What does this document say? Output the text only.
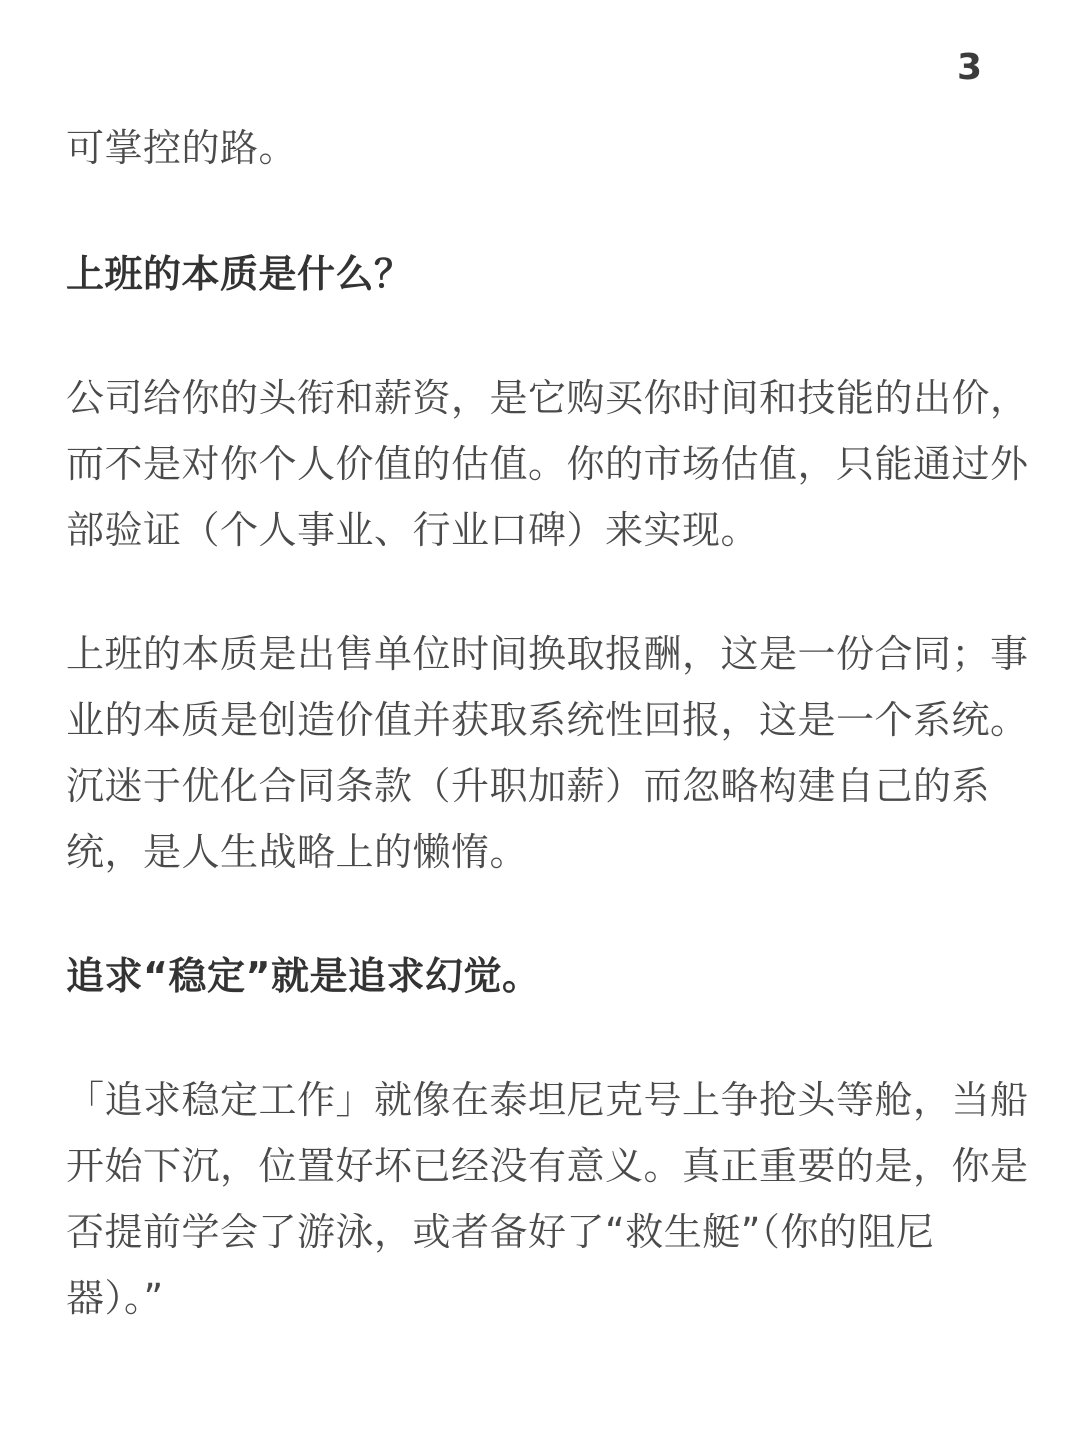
3
可掌控的路。
上班的本质是什么？
公司给你的头衔和薪资，是它购买你时间和技能的出价，
而不是对你个人价值的估值。你的市场估值，只能通过外
部验证（个人事业、行业口碑）来实现。
上班的本质是出售单位时间换取报酬，这是一份合同；事
业的本质是创造价值并获取系统性回报，这是一个系统。
沉迷于优化合同条款（升职加薪）而忽略构建自己的系
统，是人生战略上的懒惰。
追求“稳定”就是追求幻觉。
「追求稳定工作」就像在泰坦尼克号上争抢头等舱，当船
开始下沉，位置好坏已经没有意义。真正重要的是，你是
否提前学会了游泳，或者备好了“救生艇”（你的阻尼
器）。”
